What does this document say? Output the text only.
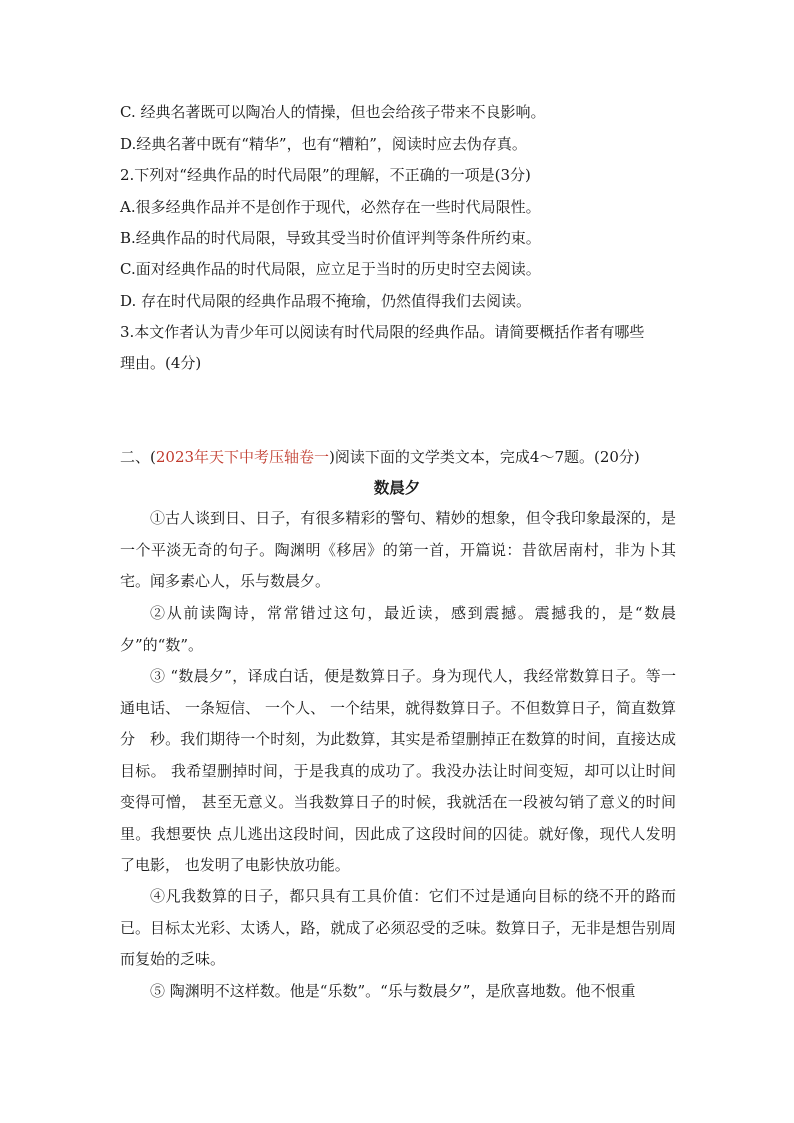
C. 经典名著既可以陶冶人的情操，但也会给孩子带来不良影响。
D.经典名著中既有“精华”，也有“糟粕”，阅读时应去伪存真。
2.下列对“经典作品的时代局限”的理解，不正确的一项是(3分)
A.很多经典作品并不是创作于现代，必然存在一些时代局限性。
B.经典作品的时代局限，导致其受当时价值评判等条件所约束。
C.面对经典作品的时代局限，应立足于当时的历史时空去阅读。
D. 存在时代局限的经典作品瑕不掩瑜，仍然值得我们去阅读。
3.本文作者认为青少年可以阅读有时代局限的经典作品。请简要概括作者有哪些
理由。(4分)
二、(2023年天下中考压轴卷一)阅读下面的文学类文本，完成4～7题。(20分)
数晨夕
①古人谈到日、日子，有很多精彩的警句、精妙的想象，但令我印象最深的，是一个平淡无奇的句子。陶渊明《移居》的第一首，开篇说：昔欲居南村，非为卜其宅。闻多素心人，乐与数晨夕。
②从前读陶诗，常常错过这句，最近读，感到震撼。震撼我的，是“数晨夕”的“数”。
③ “数晨夕”，译成白话，便是数算日子。身为现代人，我经常数算日子。等一通电话、 一条短信、 一个人、 一个结果，就得数算日子。不但数算日子，简直数算分　秒。我们期待一个时刻，为此数算，其实是希望删掉正在数算的时间，直接达成目标。 我希望删掉时间，于是我真的成功了。我没办法让时间变短，却可以让时间变得可憎， 甚至无意义。当我数算日子的时候，我就活在一段被勾销了意义的时间里。我想要快 点儿逃出这段时间，因此成了这段时间的囚徒。就好像，现代人发明了电影， 也发明了电影快放功能。
④凡我数算的日子，都只具有工具价值：它们不过是通向目标的绕不开的路而已。目标太光彩、太诱人，路，就成了必须忍受的乏味。数算日子，无非是想告别周而复始的乏味。
⑤ 陶渊明不这样数。他是“乐数”。“乐与数晨夕”，是欣喜地数。他不恨重
